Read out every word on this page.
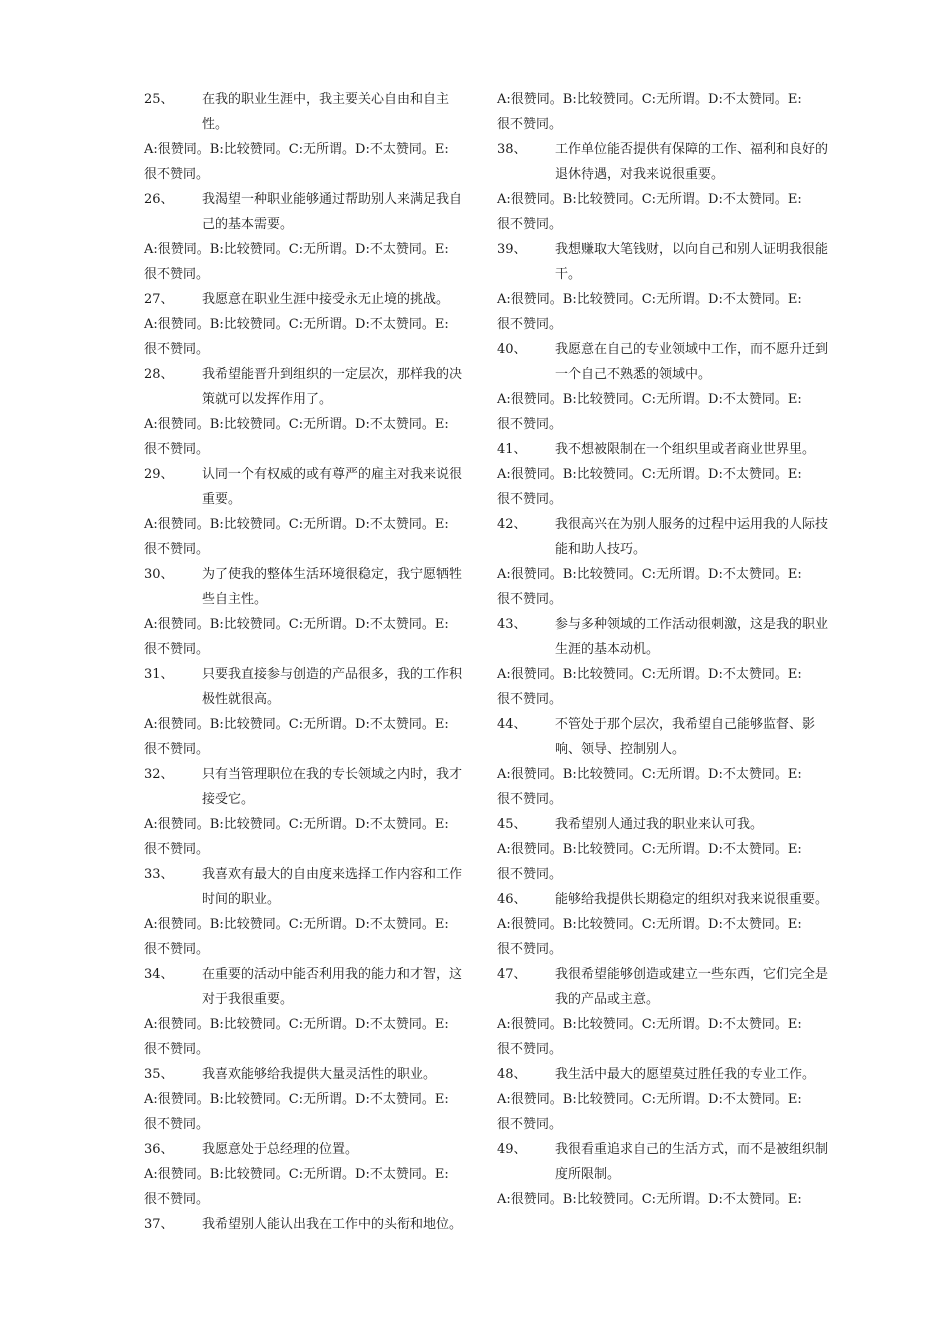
25、	在我的职业生涯中，我主要关心自由和自主性。
A:很赞同。B:比较赞同。C:无所谓。D:不太赞同。E:
很不赞同。
26、	我渴望一种职业能够通过帮助别人来满足我自己的基本需要。
A:很赞同。B:比较赞同。C:无所谓。D:不太赞同。E:
很不赞同。
27、	我愿意在职业生涯中接受永无止境的挑战。
A:很赞同。B:比较赞同。C:无所谓。D:不太赞同。E:
很不赞同。
28、	我希望能晋升到组织的一定层次，那样我的决策就可以发挥作用了。
A:很赞同。B:比较赞同。C:无所谓。D:不太赞同。E:
很不赞同。
29、	认同一个有权威的或有尊严的雇主对我来说很重要。
A:很赞同。B:比较赞同。C:无所谓。D:不太赞同。E:
很不赞同。
30、	为了使我的整体生活环境很稳定，我宁愿牺牲些自主性。
A:很赞同。B:比较赞同。C:无所谓。D:不太赞同。E:
很不赞同。
31、	只要我直接参与创造的产品很多，我的工作积极性就很高。
A:很赞同。B:比较赞同。C:无所谓。D:不太赞同。E:
很不赞同。
32、	只有当管理职位在我的专长领域之内时，我才接受它。
A:很赞同。B:比较赞同。C:无所谓。D:不太赞同。E:
很不赞同。
33、	我喜欢有最大的自由度来选择工作内容和工作时间的职业。
A:很赞同。B:比较赞同。C:无所谓。D:不太赞同。E:
很不赞同。
34、	在重要的活动中能否利用我的能力和才智，这对于我很重要。
A:很赞同。B:比较赞同。C:无所谓。D:不太赞同。E:
很不赞同。
35、	我喜欢能够给我提供大量灵活性的职业。
A:很赞同。B:比较赞同。C:无所谓。D:不太赞同。E:
很不赞同。
36、	我愿意处于总经理的位置。
A:很赞同。B:比较赞同。C:无所谓。D:不太赞同。E:
很不赞同。
37、	我希望别人能认出我在工作中的头衔和地位。
A:很赞同。B:比较赞同。C:无所谓。D:不太赞同。E:
很不赞同。
38、	工作单位能否提供有保障的工作、福利和良好的退休待遇，对我来说很重要。
A:很赞同。B:比较赞同。C:无所谓。D:不太赞同。E:
很不赞同。
39、	我想赚取大笔钱财，以向自己和别人证明我很能干。
A:很赞同。B:比较赞同。C:无所谓。D:不太赞同。E:
很不赞同。
40、	我愿意在自己的专业领域中工作，而不愿升迁到一个自己不熟悉的领域中。
A:很赞同。B:比较赞同。C:无所谓。D:不太赞同。E:
很不赞同。
41、	我不想被限制在一个组织里或者商业世界里。
A:很赞同。B:比较赞同。C:无所谓。D:不太赞同。E:
很不赞同。
42、	我很高兴在为别人服务的过程中运用我的人际技能和助人技巧。
A:很赞同。B:比较赞同。C:无所谓。D:不太赞同。E:
很不赞同。
43、	参与多种领域的工作活动很刺激，这是我的职业生涯的基本动机。
A:很赞同。B:比较赞同。C:无所谓。D:不太赞同。E:
很不赞同。
44、	不管处于那个层次，我希望自己能够监督、影响、领导、控制别人。
A:很赞同。B:比较赞同。C:无所谓。D:不太赞同。E:
很不赞同。
45、	我希望别人通过我的职业来认可我。
A:很赞同。B:比较赞同。C:无所谓。D:不太赞同。E:
很不赞同。
46、	能够给我提供长期稳定的组织对我来说很重要。
A:很赞同。B:比较赞同。C:无所谓。D:不太赞同。E:
很不赞同。
47、	我很希望能够创造或建立一些东西，它们完全是我的产品或主意。
A:很赞同。B:比较赞同。C:无所谓。D:不太赞同。E:
很不赞同。
48、	我生活中最大的愿望莫过胜任我的专业工作。
A:很赞同。B:比较赞同。C:无所谓。D:不太赞同。E:
很不赞同。
49、	我很看重追求自己的生活方式，而不是被组织制度所限制。
A:很赞同。B:比较赞同。C:无所谓。D:不太赞同。E:
